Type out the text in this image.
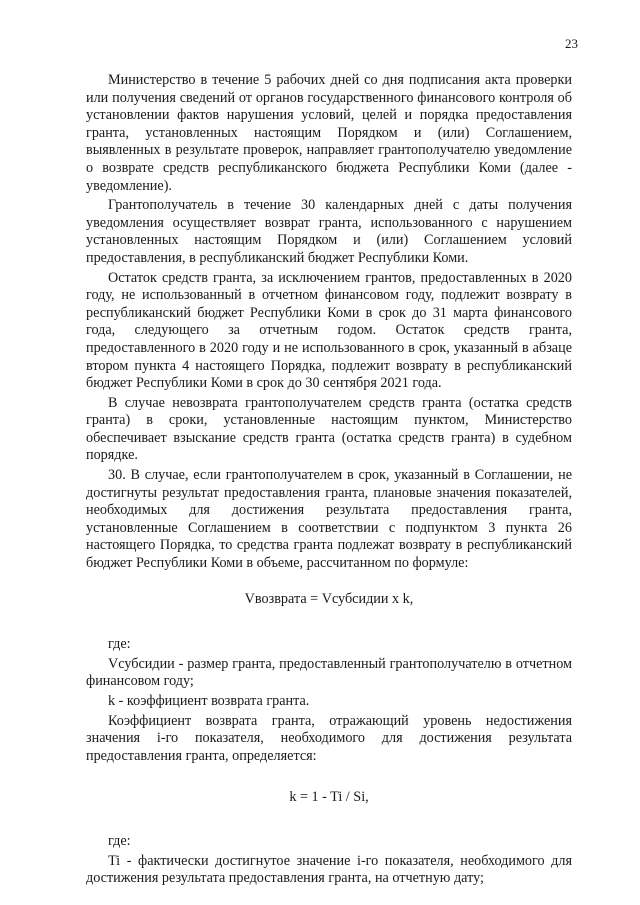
23

Министерство в течение 5 рабочих дней со дня подписания акта проверки или получения сведений от органов государственного финансового контроля об установлении фактов нарушения условий, целей и порядка предоставления гранта, установленных настоящим Порядком и (или) Соглашением, выявленных в результате проверок, направляет грантополучателю уведомление о возврате средств республиканского бюджета Республики Коми (далее - уведомление).

Грантополучатель в течение 30 календарных дней с даты получения уведомления осуществляет возврат гранта, использованного с нарушением установленных настоящим Порядком и (или) Соглашением условий предоставления, в республиканский бюджет Республики Коми.

Остаток средств гранта, за исключением грантов, предоставленных в 2020 году, не использованный в отчетном финансовом году, подлежит возврату в республиканский бюджет Республики Коми в срок до 31 марта финансового года, следующего за отчетным годом. Остаток средств гранта, предоставленного в 2020 году и не использованного в срок, указанный в абзаце втором пункта 4 настоящего Порядка, подлежит возврату в республиканский бюджет Республики Коми в срок до 30 сентября 2021 года.

В случае невозврата грантополучателем средств гранта (остатка средств гранта) в сроки, установленные настоящим пунктом, Министерство обеспечивает взыскание средств гранта (остатка средств гранта) в судебном порядке.

30. В случае, если грантополучателем в срок, указанный в Соглашении, не достигнуты результат предоставления гранта, плановые значения показателей, необходимых для достижения результата предоставления гранта, установленные Соглашением в соответствии с подпунктом 3 пункта 26 настоящего Порядка, то средства гранта подлежат возврату в республиканский бюджет Республики Коми в объеме, рассчитанном по формуле:

Vвозврата = Vсубсидии x k,

где:

Vсубсидии - размер гранта, предоставленный грантополучателю в отчетном финансовом году;

k - коэффициент возврата гранта.

Коэффициент возврата гранта, отражающий уровень недостижения значения i-го показателя, необходимого для достижения результата предоставления гранта, определяется:

k = 1 - Ti / Si,

где:

Ti - фактически достигнутое значение i-го показателя, необходимого для достижения результата предоставления гранта, на отчетную дату;
